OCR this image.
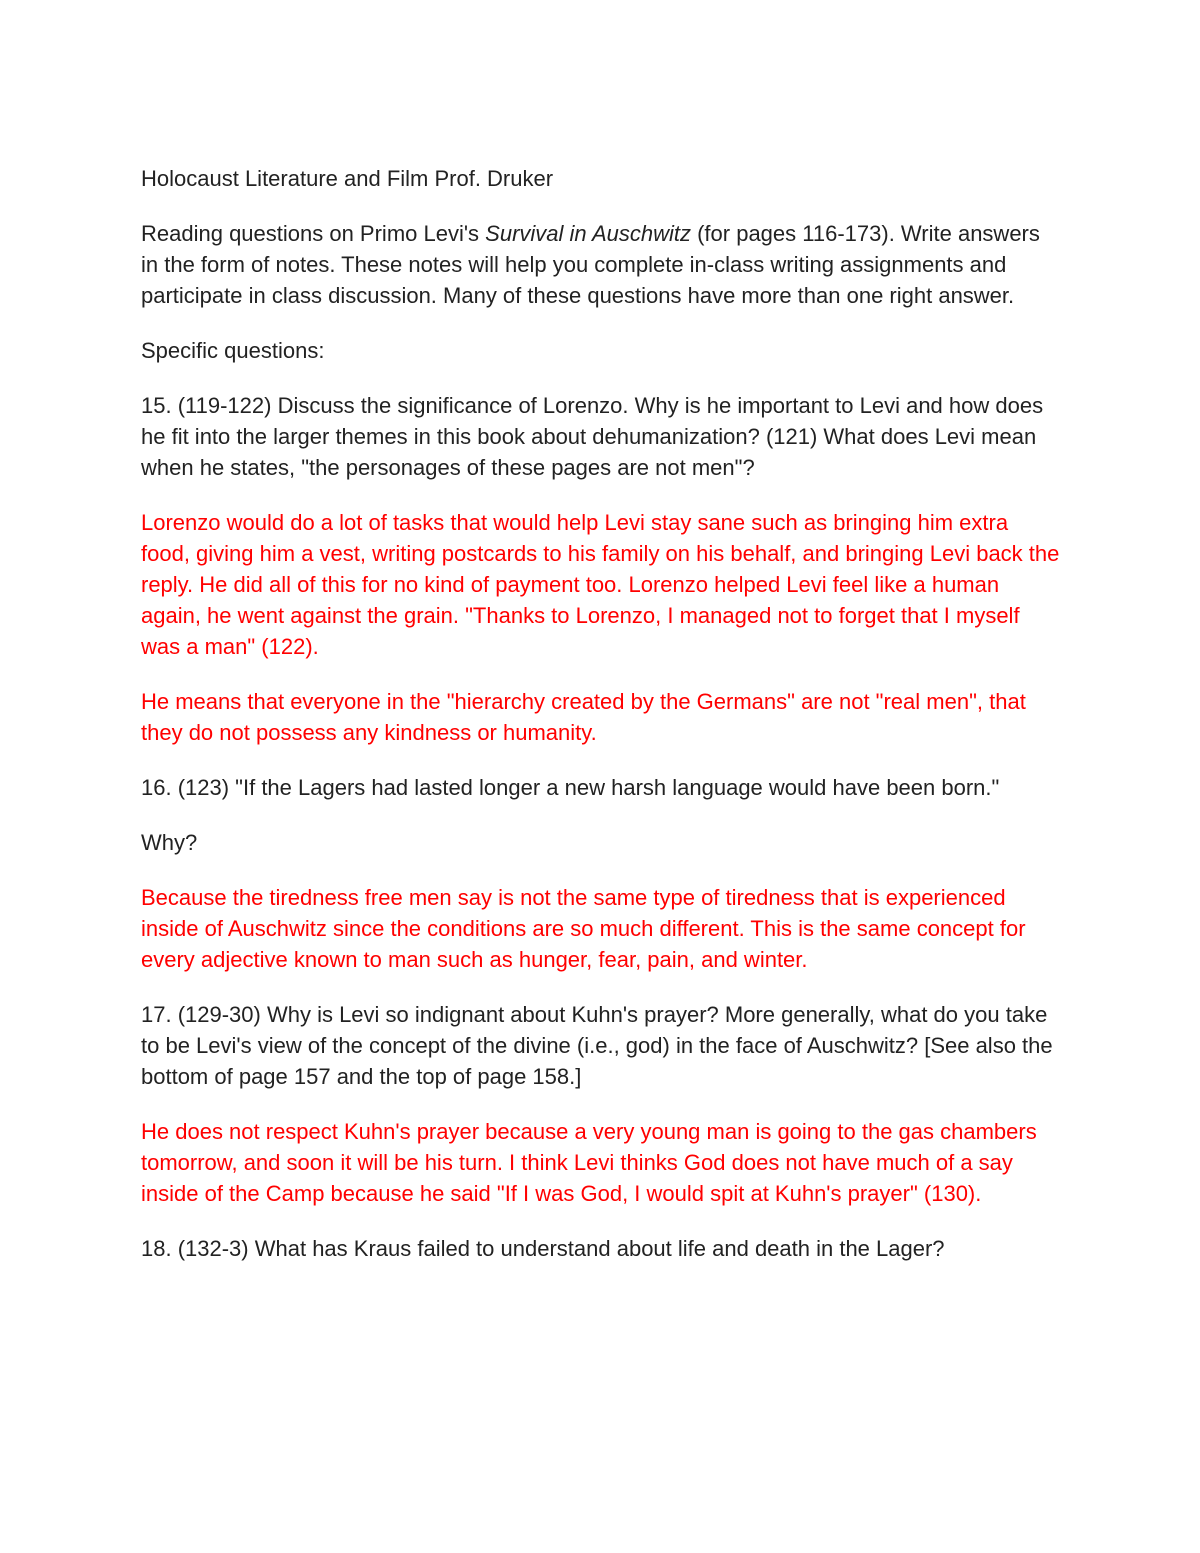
Holocaust Literature and Film Prof. Druker

Reading questions on Primo Levi's Survival in Auschwitz (for pages 116-173). Write answers in the form of notes. These notes will help you complete in-class writing assignments and participate in class discussion. Many of these questions have more than one right answer.

Specific questions:

15. (119-122) Discuss the significance of Lorenzo. Why is he important to Levi and how does he fit into the larger themes in this book about dehumanization? (121) What does Levi mean when he states, "the personages of these pages are not men"?

Lorenzo would do a lot of tasks that would help Levi stay sane such as bringing him extra food, giving him a vest, writing postcards to his family on his behalf, and bringing Levi back the reply. He did all of this for no kind of payment too. Lorenzo helped Levi feel like a human again, he went against the grain. "Thanks to Lorenzo, I managed not to forget that I myself was a man" (122).

He means that everyone in the "hierarchy created by the Germans" are not "real men", that they do not possess any kindness or humanity.

16. (123) "If the Lagers had lasted longer a new harsh language would have been born."

Why?

Because the tiredness free men say is not the same type of tiredness that is experienced inside of Auschwitz since the conditions are so much different. This is the same concept for every adjective known to man such as hunger, fear, pain, and winter.

17. (129-30) Why is Levi so indignant about Kuhn's prayer? More generally, what do you take to be Levi's view of the concept of the divine (i.e., god) in the face of Auschwitz? [See also the bottom of page 157 and the top of page 158.]

He does not respect Kuhn's prayer because a very young man is going to the gas chambers tomorrow, and soon it will be his turn. I think Levi thinks God does not have much of a say inside of the Camp because he said "If I was God, I would spit at Kuhn's prayer" (130).

18. (132-3) What has Kraus failed to understand about life and death in the Lager?
